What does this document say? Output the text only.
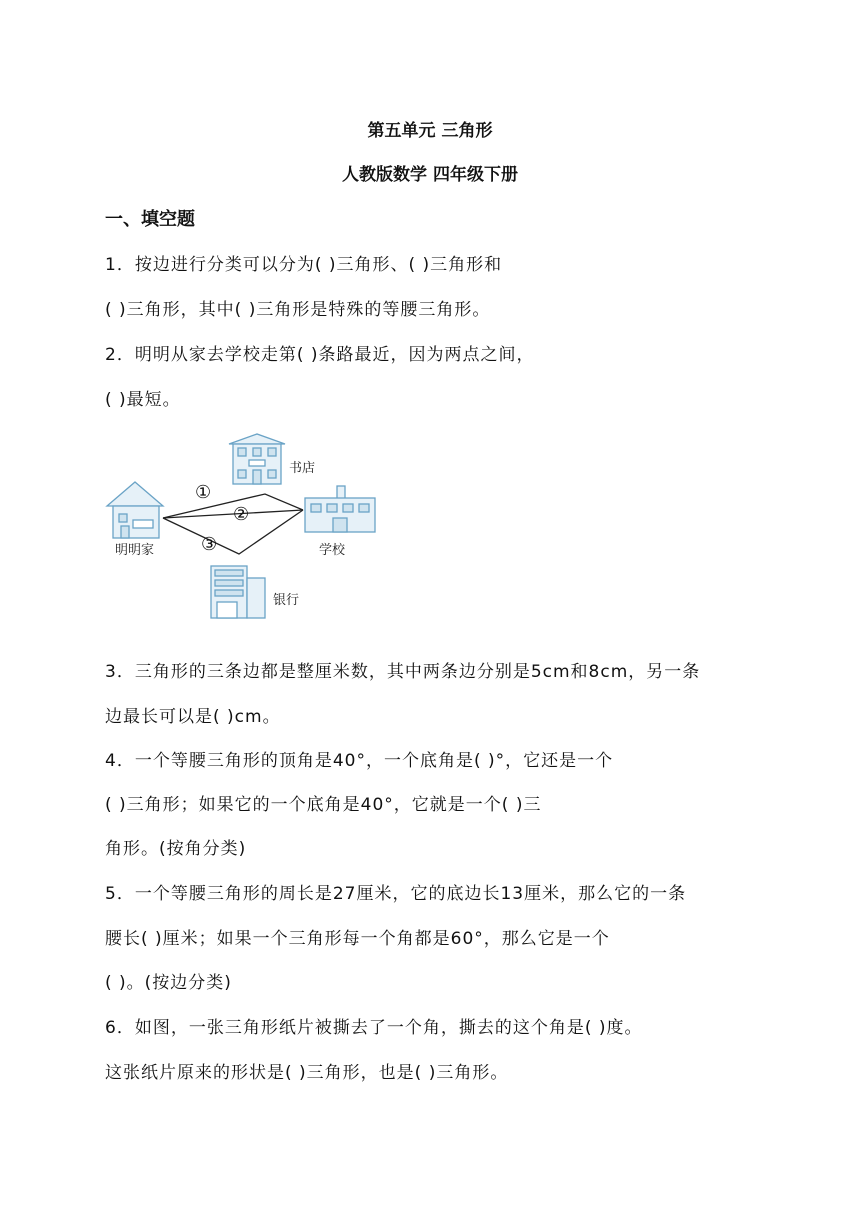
第五单元 三角形
人教版数学 四年级下册
一、填空题
1．按边进行分类可以分为( )三角形、( )三角形和
( )三角形，其中( )三角形是特殊的等腰三角形。
2．明明从家去学校走第( )条路最近，因为两点之间，
( )最短。
①
②
③
书店
明明家	学校
银行
3．三角形的三条边都是整厘米数，其中两条边分别是5cm和8cm，另一条
边最长可以是( )cm。
4．一个等腰三角形的顶角是40°，一个底角是( )°，它还是一个
( )三角形；如果它的一个底角是40°，它就是一个( )三
角形。(按角分类)
5．一个等腰三角形的周长是27厘米，它的底边长13厘米，那么它的一条
腰长( )厘米；如果一个三角形每一个角都是60°，那么它是一个
( )。(按边分类)
6．如图，一张三角形纸片被撕去了一个角，撕去的这个角是( )度。
这张纸片原来的形状是( )三角形，也是( )三角形。
